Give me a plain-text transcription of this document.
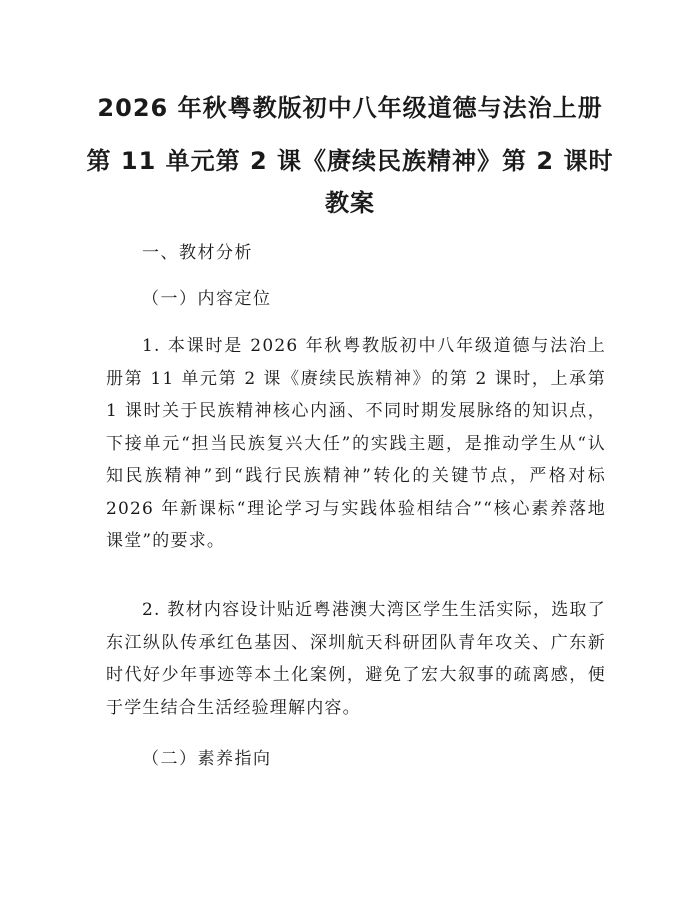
2026 年秋粤教版初中八年级道德与法治上册
第 11 单元第 2 课《赓续民族精神》第 2 课时
教案
一、教材分析
（一）内容定位
1. 本课时是 2026 年秋粤教版初中八年级道德与法治上册第 11 单元第 2 课《赓续民族精神》的第 2 课时，上承第 1 课时关于民族精神核心内涵、不同时期发展脉络的知识点，下接单元“担当民族复兴大任”的实践主题，是推动学生从“认知民族精神”到“践行民族精神”转化的关键节点，严格对标 2026 年新课标“理论学习与实践体验相结合”“核心素养落地课堂”的要求。
2. 教材内容设计贴近粤港澳大湾区学生生活实际，选取了东江纵队传承红色基因、深圳航天科研团队青年攻关、广东新时代好少年事迹等本土化案例，避免了宏大叙事的疏离感，便于学生结合生活经验理解内容。
（二）素养指向
